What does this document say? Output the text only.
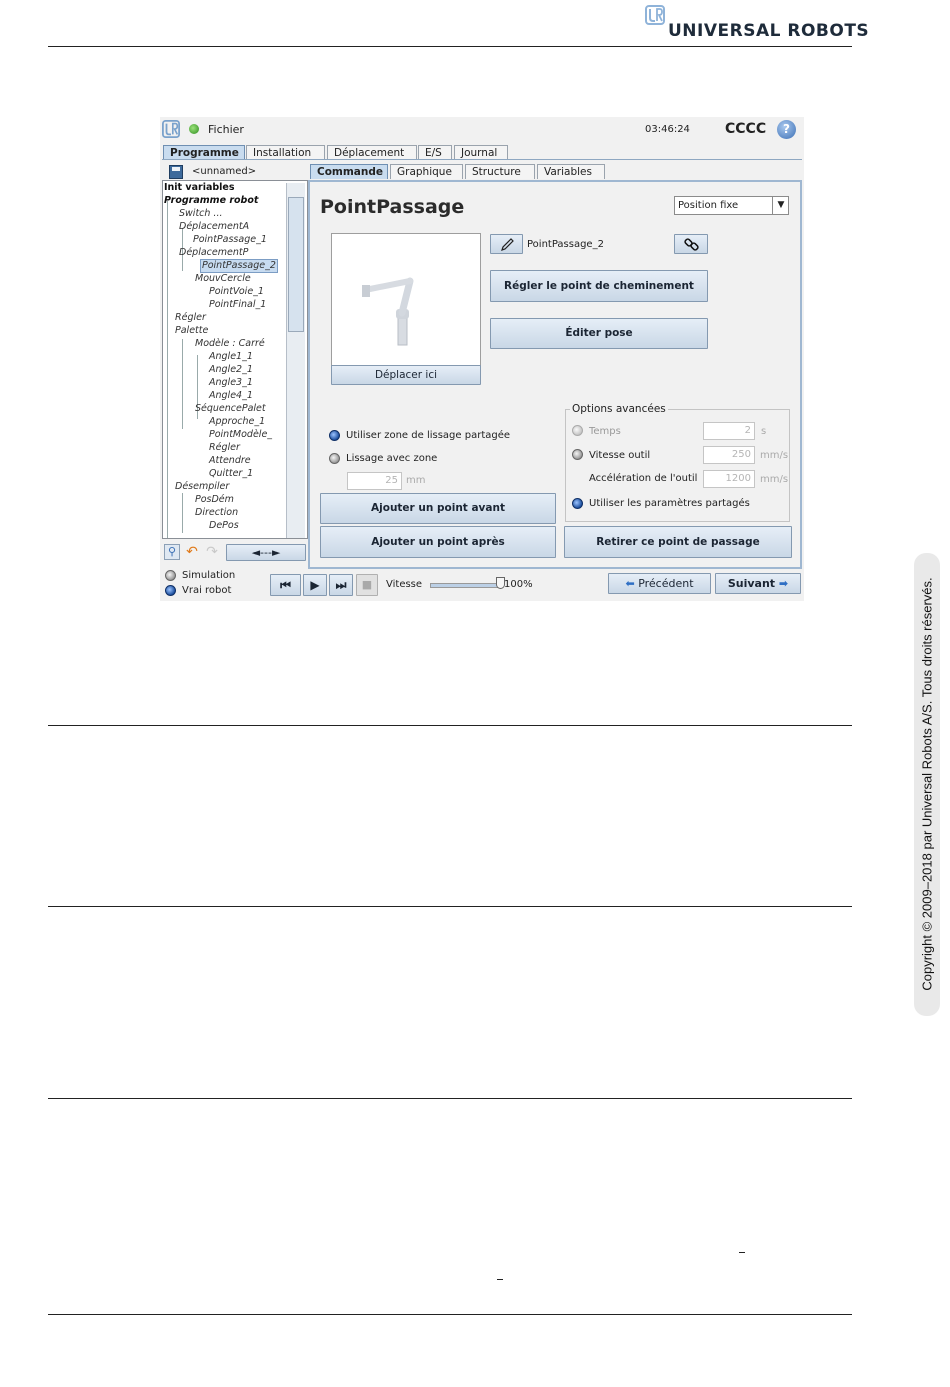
UNIVERSAL ROBOTS
Fichier	03:46:24	CCCC	?
Programme	Installation	Déplacement	E/S	Journal
<unnamed>	Commande	Graphique	Structure	Variables
Init variables
Programme robot
Switch ...
DéplacementA
PointPassage_1
DéplacementP
PointPassage_2
MouvCercle
PointVoie_1
PointFinal_1
Régler
Palette
Modèle : Carré
Angle1_1
Angle2_1
Angle3_1
Angle4_1
SéquencePalet
Approche_1
PointModèle_
Régler
Attendre
Quitter_1
Désempiler
PosDém
Direction
DePos
⚲ ↶ ↷	◄---►
PointPassage	Position fixe	▼
Déplacer ici
PointPassage_2
Régler le point de cheminement
Éditer pose
Utiliser zone de lissage partagée
Lissage avec zone
25 mm
Options avancées
Temps	2	s
Vitesse outil	250 mm/s
Accélération de l'outil	1200 mm/s
Utiliser les paramètres partagés
Ajouter un point avant
Ajouter un point après	Retirer ce point de passage
Simulation
Vrai robot	⏮	▶	⏭	■	Vitesse	100%	⬅ Précédent	Suivant ➡	Copyright © 2009–2018 par Universal Robots A/S. Tous droits réservés.
